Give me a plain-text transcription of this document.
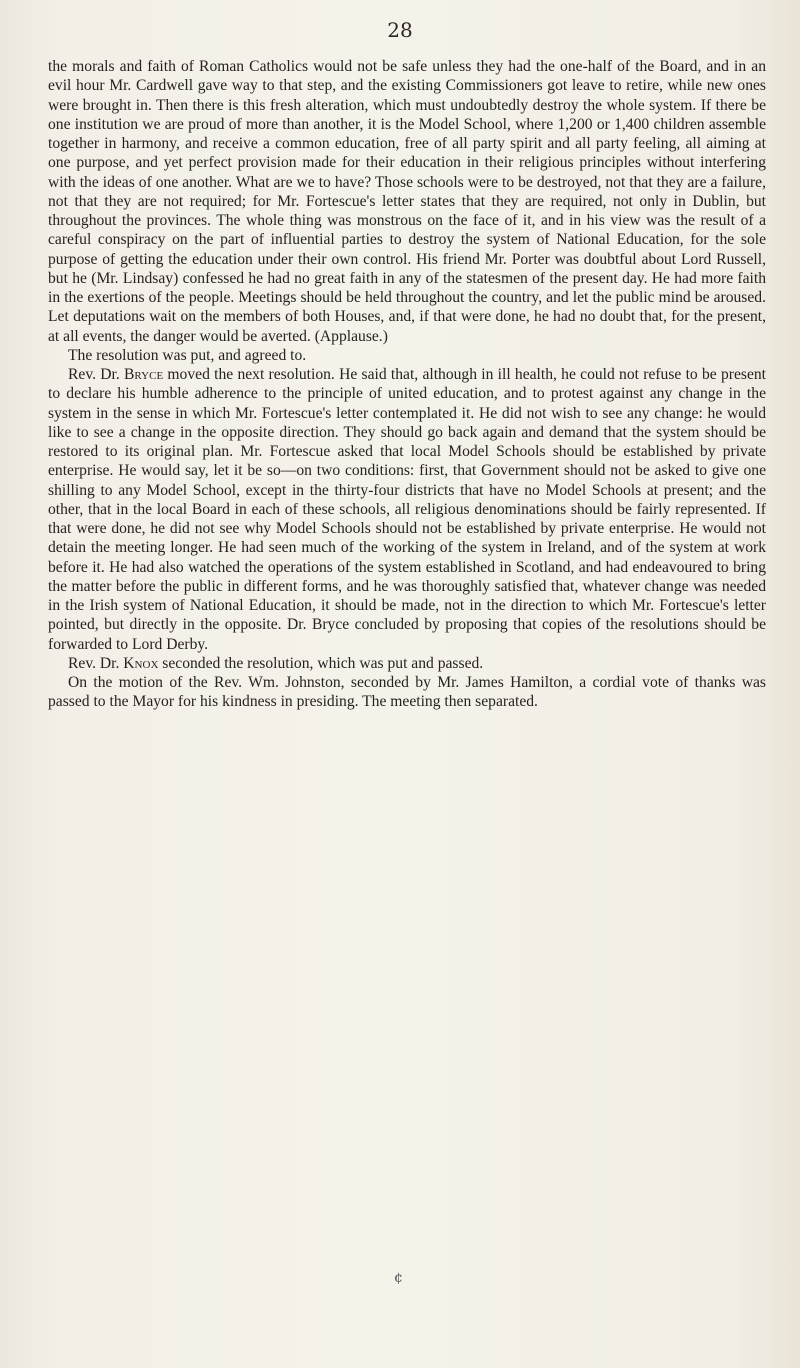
28

the morals and faith of Roman Catholics would not be safe unless they had the one-half of the Board, and in an evil hour Mr. Cardwell gave way to that step, and the existing Commissioners got leave to retire, while new ones were brought in. Then there is this fresh alteration, which must undoubtedly destroy the whole system. If there be one institution we are proud of more than another, it is the Model School, where 1,200 or 1,400 children assemble together in harmony, and receive a common education, free of all party spirit and all party feeling, all aiming at one purpose, and yet perfect provision made for their education in their religious principles without interfering with the ideas of one another. What are we to have? Those schools were to be destroyed, not that they are a failure, not that they are not required; for Mr. Fortescue's letter states that they are required, not only in Dublin, but throughout the provinces. The whole thing was monstrous on the face of it, and in his view was the result of a careful conspiracy on the part of influential parties to destroy the system of National Education, for the sole purpose of getting the education under their own control. His friend Mr. Porter was doubtful about Lord Russell, but he (Mr. Lindsay) confessed he had no great faith in any of the statesmen of the present day. He had more faith in the exertions of the people. Meetings should be held throughout the country, and let the public mind be aroused. Let deputations wait on the members of both Houses, and, if that were done, he had no doubt that, for the present, at all events, the danger would be averted. (Applause.)

The resolution was put, and agreed to.

Rev. Dr. Bryce moved the next resolution. He said that, although in ill health, he could not refuse to be present to declare his humble adherence to the principle of united education, and to protest against any change in the system in the sense in which Mr. Fortescue's letter contemplated it. He did not wish to see any change: he would like to see a change in the opposite direction. They should go back again and demand that the system should be restored to its original plan. Mr. Fortescue asked that local Model Schools should be established by private enterprise. He would say, let it be so—on two conditions: first, that Government should not be asked to give one shilling to any Model School, except in the thirty-four districts that have no Model Schools at present; and the other, that in the local Board in each of these schools, all religious denominations should be fairly represented. If that were done, he did not see why Model Schools should not be established by private enterprise. He would not detain the meeting longer. He had seen much of the working of the system in Ireland, and of the system at work before it. He had also watched the operations of the system established in Scotland, and had endeavoured to bring the matter before the public in different forms, and he was thoroughly satisfied that, whatever change was needed in the Irish system of National Education, it should be made, not in the direction to which Mr. Fortescue's letter pointed, but directly in the opposite. Dr. Bryce concluded by proposing that copies of the resolutions should be forwarded to Lord Derby.

Rev. Dr. Knox seconded the resolution, which was put and passed.

On the motion of the Rev. Wm. Johnston, seconded by Mr. James Hamilton, a cordial vote of thanks was passed to the Mayor for his kindness in presiding. The meeting then separated.

¢
